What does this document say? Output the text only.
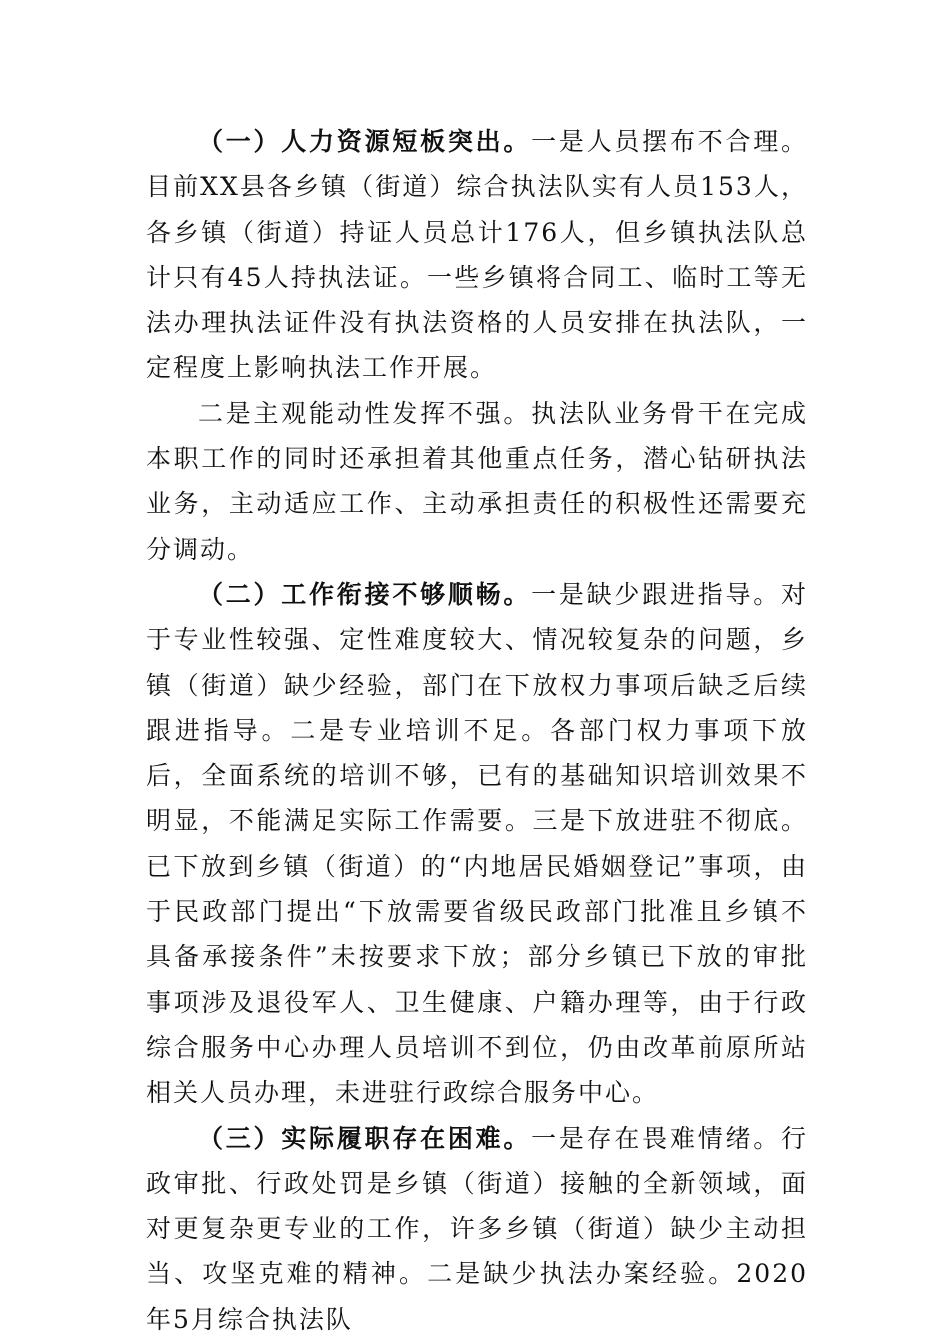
（一）人力资源短板突出。一是人员摆布不合理。目前XX县各乡镇（街道）综合执法队实有人员153人，各乡镇（街道）持证人员总计176人，但乡镇执法队总计只有45人持执法证。一些乡镇将合同工、临时工等无法办理执法证件没有执法资格的人员安排在执法队，一定程度上影响执法工作开展。

二是主观能动性发挥不强。执法队业务骨干在完成本职工作的同时还承担着其他重点任务，潜心钻研执法业务，主动适应工作、主动承担责任的积极性还需要充分调动。

（二）工作衔接不够顺畅。一是缺少跟进指导。对于专业性较强、定性难度较大、情况较复杂的问题，乡镇（街道）缺少经验，部门在下放权力事项后缺乏后续跟进指导。二是专业培训不足。各部门权力事项下放后，全面系统的培训不够，已有的基础知识培训效果不明显，不能满足实际工作需要。三是下放进驻不彻底。已下放到乡镇（街道）的“内地居民婚姻登记”事项，由于民政部门提出“下放需要省级民政部门批准且乡镇不具备承接条件”未按要求下放；部分乡镇已下放的审批事项涉及退役军人、卫生健康、户籍办理等，由于行政综合服务中心办理人员培训不到位，仍由改革前原所站相关人员办理，未进驻行政综合服务中心。

（三）实际履职存在困难。一是存在畏难情绪。行政审批、行政处罚是乡镇（街道）接触的全新领域，面对更复杂更专业的工作，许多乡镇（街道）缺少主动担当、攻坚克难的精神。二是缺少执法办案经验。2020年5月综合执法队
